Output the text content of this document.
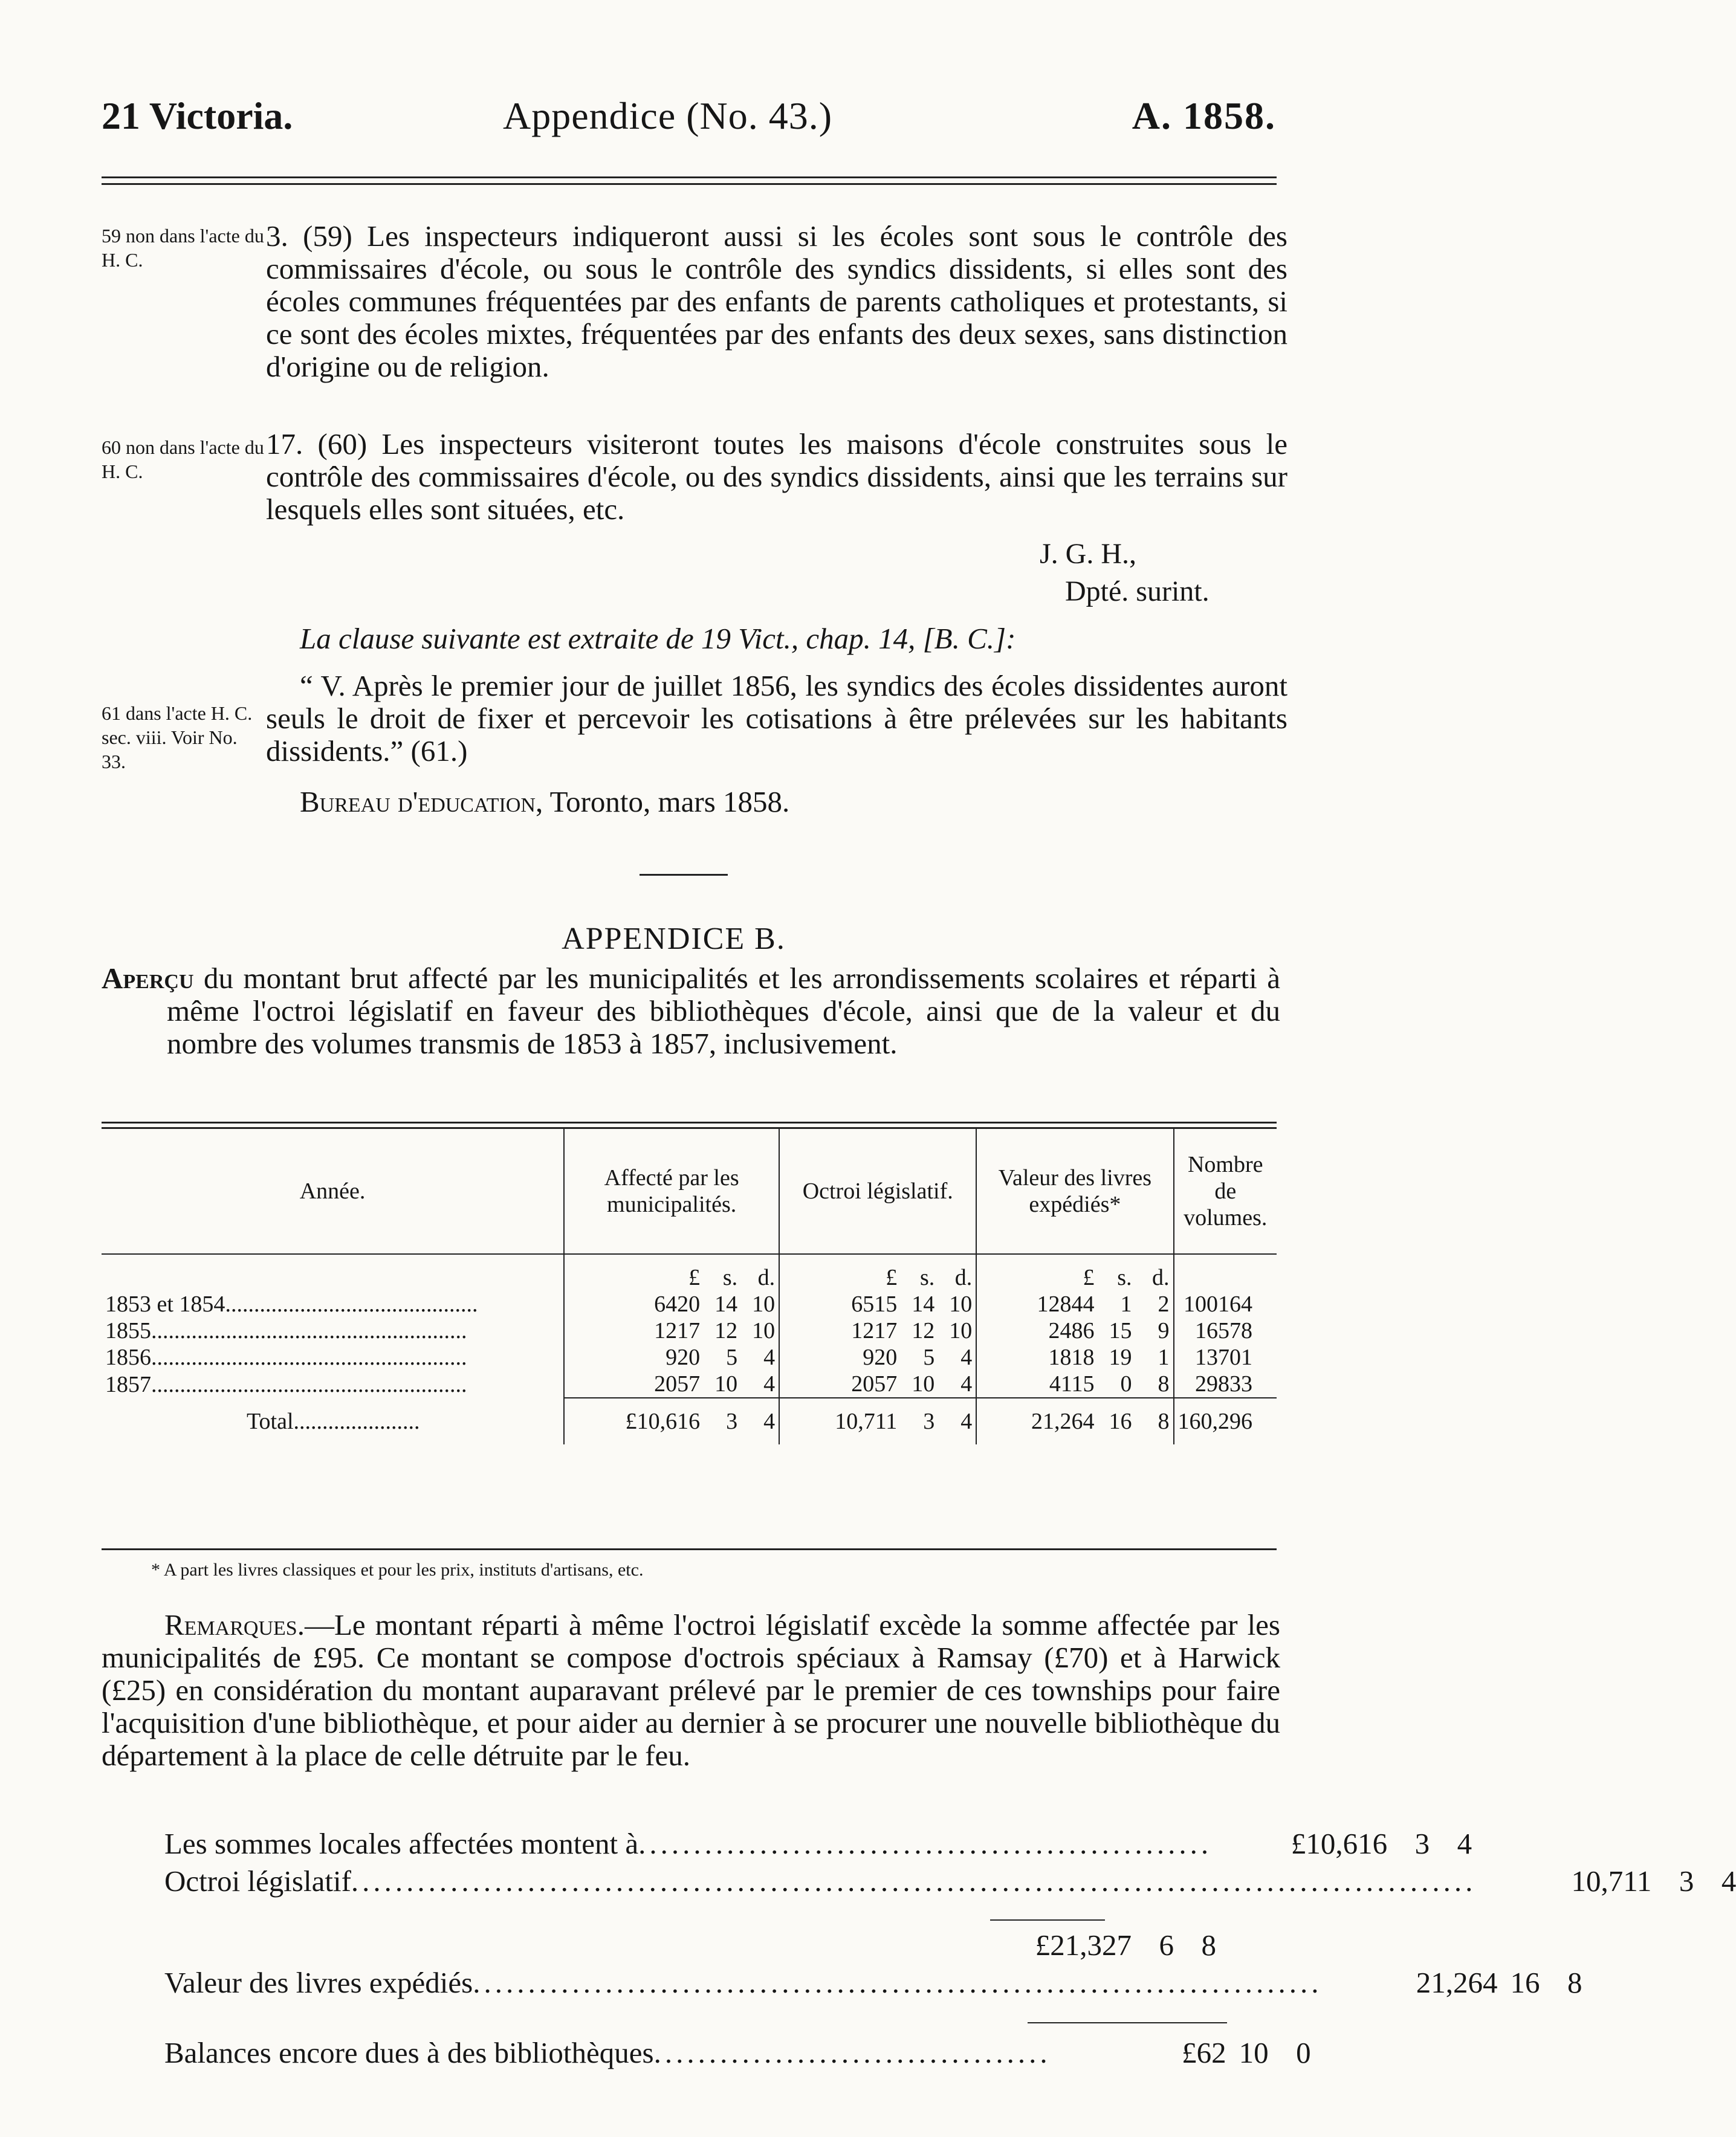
21 Victoria.	Appendice (No. 43.)	A. 1858.
59 non dans l'acte du H. C.
3. (59) Les inspecteurs indiqueront aussi si les écoles sont sous le contrôle des commissaires d'école, ou sous le contrôle des syndics dissidents, si elles sont des écoles communes fréquentées par des enfants de parents catholiques et protestants, si ce sont des écoles mixtes, fréquentées par des enfants des deux sexes, sans distinction d'origine ou de religion.
60 non dans l'acte du H. C.
17. (60) Les inspecteurs visiteront toutes les maisons d'école construites sous le contrôle des commissaires d'école, ou des syndics dissidents, ainsi que les terrains sur lesquels elles sont situées, etc.
J. G. H.,
Dpté. surint.
La clause suivante est extraite de 19 Vict., chap. 14, [B. C.]:
61 dans l'acte H. C. sec. viii. Voir No. 33.
“ V. Après le premier jour de juillet 1856, les syndics des écoles dissidentes auront seuls le droit de fixer et percevoir les cotisations à être prélevées sur les habitants dissidents.” (61.)
Bureau d'education, Toronto, mars 1858.
APPENDICE B.
Aperçu du montant brut affecté par les municipalités et les arrondissements scolaires et réparti à même l'octroi législatif en faveur des bibliothèques d'école, ainsi que de la valeur et du nombre des volumes transmis de 1853 à 1857, inclusivement.
Année.	Affecté par les municipalités.	Octroi législatif.	Valeur des livres expédiés*	Nombre de volumes.

	£ s. d.	£ s. d.	£ s. d.	

1853 et 1854............................................	6420 14 10	6515 14 10	12844 1 2	100164
1855.......................................................	1217 12 10	1217 12 10	2486 15 9	16578
1856.......................................................	920 5 4	920 5 4	1818 19 1	13701
1857.......................................................	2057 10 4	2057 10 4	4115 0 8	29833
Total......................	£10,616 3 4	10,711 3 4	21,264 16 8	160,296
* A part les livres classiques et pour les prix, instituts d'artisans, etc.
Remarques.—Le montant réparti à même l'octroi législatif excède la somme affectée par les municipalités de £95. Ce montant se compose d'octrois spéciaux à Ramsay (£70) et à Harwick (£25) en considération du montant auparavant prélevé par le premier de ces townships pour faire l'acquisition d'une bibliothèque, et pour aider au dernier à se procurer une nouvelle bibliothèque du département à la place de celle détruite par le feu.
Les sommes locales affectées montent à ....................................................	£10,616 3 4
Octroi législatif ......................................................................................................	10,711 3 4
£21,327 6 8
Valeur des livres expédiés .............................................................................	21,264 16 8
Balances encore dues à des bibliothèques ....................................	£62 10 0
